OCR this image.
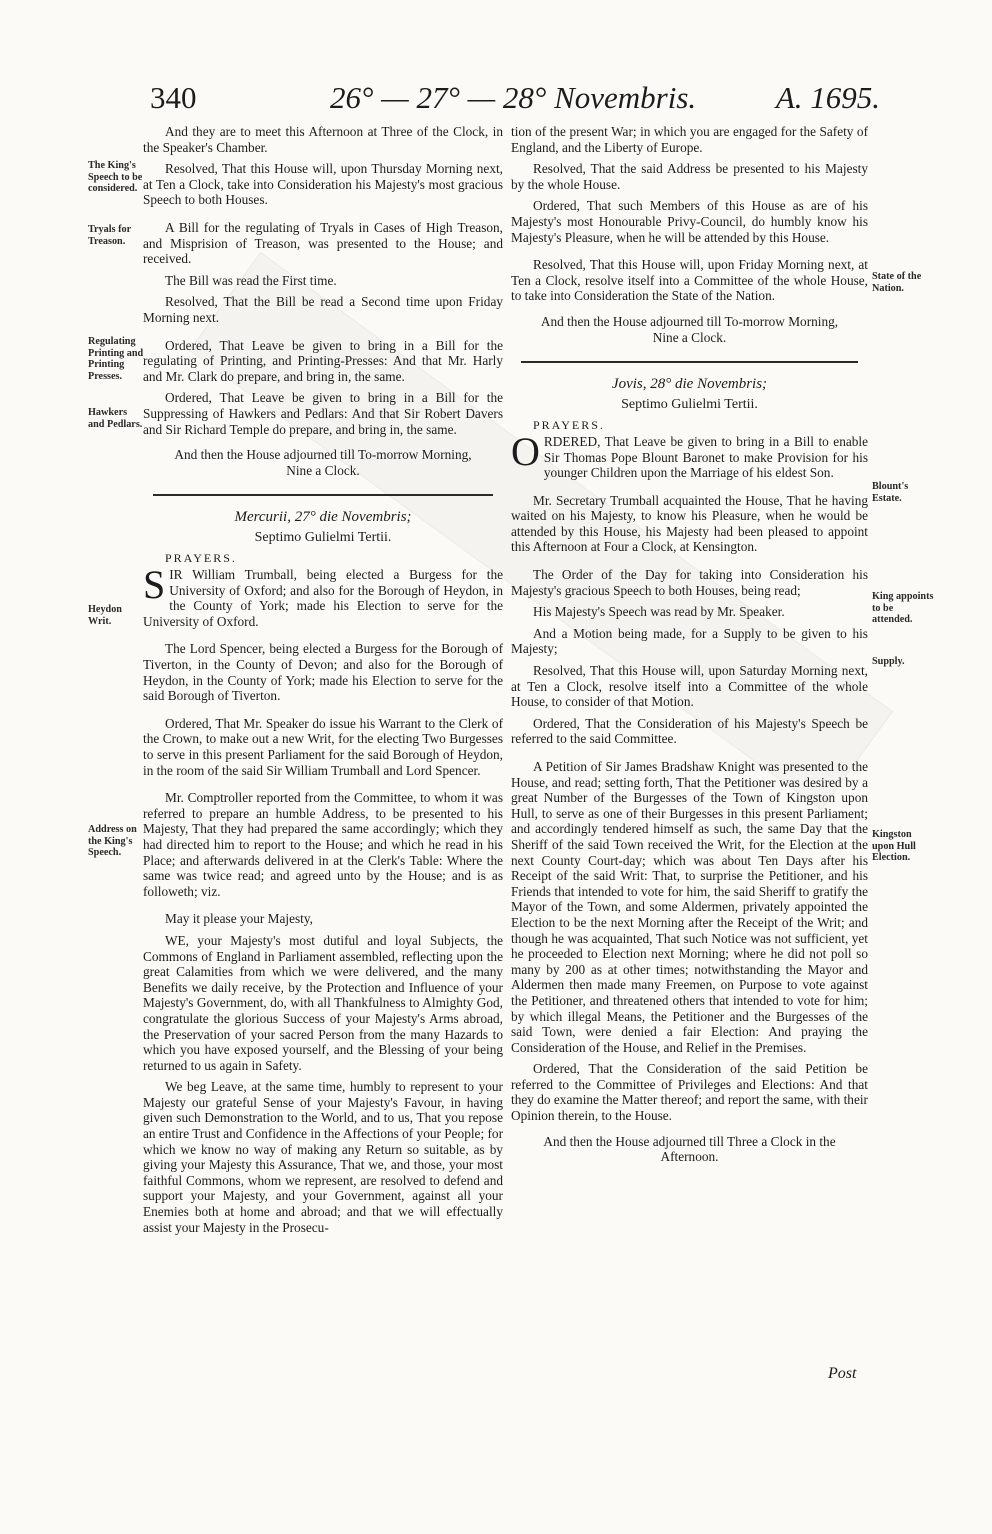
340	26° — 27° — 28° Novembris.	A. 1695.
The King's Speech to be considered.
Tryals for Treason.
Regulating Printing and Printing Presses.
Hawkers and Pedlars.
Heydon Writ.
Address on the King's Speech.
State of the Nation.
Blount's Estate.
King appoints to be attended.
Supply.
Kingston upon Hull Election.

And they are to meet this Afternoon at Three of the Clock, in the Speaker's Chamber.

Resolved, That this House will, upon Thursday Morning next, at Ten a Clock, take into Consideration his Majesty's most gracious Speech to both Houses.

A Bill for the regulating of Tryals in Cases of High Treason, and Misprision of Treason, was presented to the House; and received.

The Bill was read the First time.

Resolved, That the Bill be read a Second time upon Friday Morning next.

Ordered, That Leave be given to bring in a Bill for the regulating of Printing, and Printing-Presses: And that Mr. Harly and Mr. Clark do prepare, and bring in, the same.

Ordered, That Leave be given to bring in a Bill for the Suppressing of Hawkers and Pedlars: And that Sir Robert Davers and Sir Richard Temple do prepare, and bring in, the same.

And then the House adjourned till To-morrow Morning, Nine a Clock.

Mercurii, 27° die Novembris;

Septimo Gulielmi Tertii.

PRAYERS.

SIR William Trumball, being elected a Burgess for the University of Oxford; and also for the Borough of Heydon, in the County of York; made his Election to serve for the University of Oxford.

The Lord Spencer, being elected a Burgess for the Borough of Tiverton, in the County of Devon; and also for the Borough of Heydon, in the County of York; made his Election to serve for the said Borough of Tiverton.

Ordered, That Mr. Speaker do issue his Warrant to the Clerk of the Crown, to make out a new Writ, for the electing Two Burgesses to serve in this present Parliament for the said Borough of Heydon, in the room of the said Sir William Trumball and Lord Spencer.

Mr. Comptroller reported from the Committee, to whom it was referred to prepare an humble Address, to be presented to his Majesty, That they had prepared the same accordingly; which they had directed him to report to the House; and which he read in his Place; and afterwards delivered in at the Clerk's Table: Where the same was twice read; and agreed unto by the House; and is as followeth; viz.

May it please your Majesty,

WE, your Majesty's most dutiful and loyal Subjects, the Commons of England in Parliament assembled, reflecting upon the great Calamities from which we were delivered, and the many Benefits we daily receive, by the Protection and Influence of your Majesty's Government, do, with all Thankfulness to Almighty God, congratulate the glorious Success of your Majesty's Arms abroad, the Preservation of your sacred Person from the many Hazards to which you have exposed yourself, and the Blessing of your being returned to us again in Safety.

We beg Leave, at the same time, humbly to represent to your Majesty our grateful Sense of your Majesty's Favour, in having given such Demonstration to the World, and to us, That you repose an entire Trust and Confidence in the Affections of your People; for which we know no way of making any Return so suitable, as by giving your Majesty this Assurance, That we, and those, your most faithful Commons, whom we represent, are resolved to defend and support your Majesty, and your Government, against all your Enemies both at home and abroad; and that we will effectually assist your Majesty in the Prosecu-

tion of the present War; in which you are engaged for the Safety of England, and the Liberty of Europe.

Resolved, That the said Address be presented to his Majesty by the whole House.

Ordered, That such Members of this House as are of his Majesty's most Honourable Privy-Council, do humbly know his Majesty's Pleasure, when he will be attended by this House.

Resolved, That this House will, upon Friday Morning next, at Ten a Clock, resolve itself into a Committee of the whole House, to take into Consideration the State of the Nation.

And then the House adjourned till To-morrow Morning, Nine a Clock.

Jovis, 28° die Novembris;

Septimo Gulielmi Tertii.

PRAYERS.

ORDERED, That Leave be given to bring in a Bill to enable Sir Thomas Pope Blount Baronet to make Provision for his younger Children upon the Marriage of his eldest Son.

Mr. Secretary Trumball acquainted the House, That he having waited on his Majesty, to know his Pleasure, when he would be attended by this House, his Majesty had been pleased to appoint this Afternoon at Four a Clock, at Kensington.

The Order of the Day for taking into Consideration his Majesty's gracious Speech to both Houses, being read;

His Majesty's Speech was read by Mr. Speaker.

And a Motion being made, for a Supply to be given to his Majesty;

Resolved, That this House will, upon Saturday Morning next, at Ten a Clock, resolve itself into a Committee of the whole House, to consider of that Motion.

Ordered, That the Consideration of his Majesty's Speech be referred to the said Committee.

A Petition of Sir James Bradshaw Knight was presented to the House, and read; setting forth, That the Petitioner was desired by a great Number of the Burgesses of the Town of Kingston upon Hull, to serve as one of their Burgesses in this present Parliament; and accordingly tendered himself as such, the same Day that the Sheriff of the said Town received the Writ, for the Election at the next County Court-day; which was about Ten Days after his Receipt of the said Writ: That, to surprise the Petitioner, and his Friends that intended to vote for him, the said Sheriff to gratify the Mayor of the Town, and some Aldermen, privately appointed the Election to be the next Morning after the Receipt of the Writ; and though he was acquainted, That such Notice was not sufficient, yet he proceeded to Election next Morning; where he did not poll so many by 200 as at other times; notwithstanding the Mayor and Aldermen then made many Freemen, on Purpose to vote against the Petitioner, and threatened others that intended to vote for him; by which illegal Means, the Petitioner and the Burgesses of the said Town, were denied a fair Election: And praying the Consideration of the House, and Relief in the Premises.

Ordered, That the Consideration of the said Petition be referred to the Committee of Privileges and Elections: And that they do examine the Matter thereof; and report the same, with their Opinion therein, to the House.

And then the House adjourned till Three a Clock in the Afternoon.

Post
